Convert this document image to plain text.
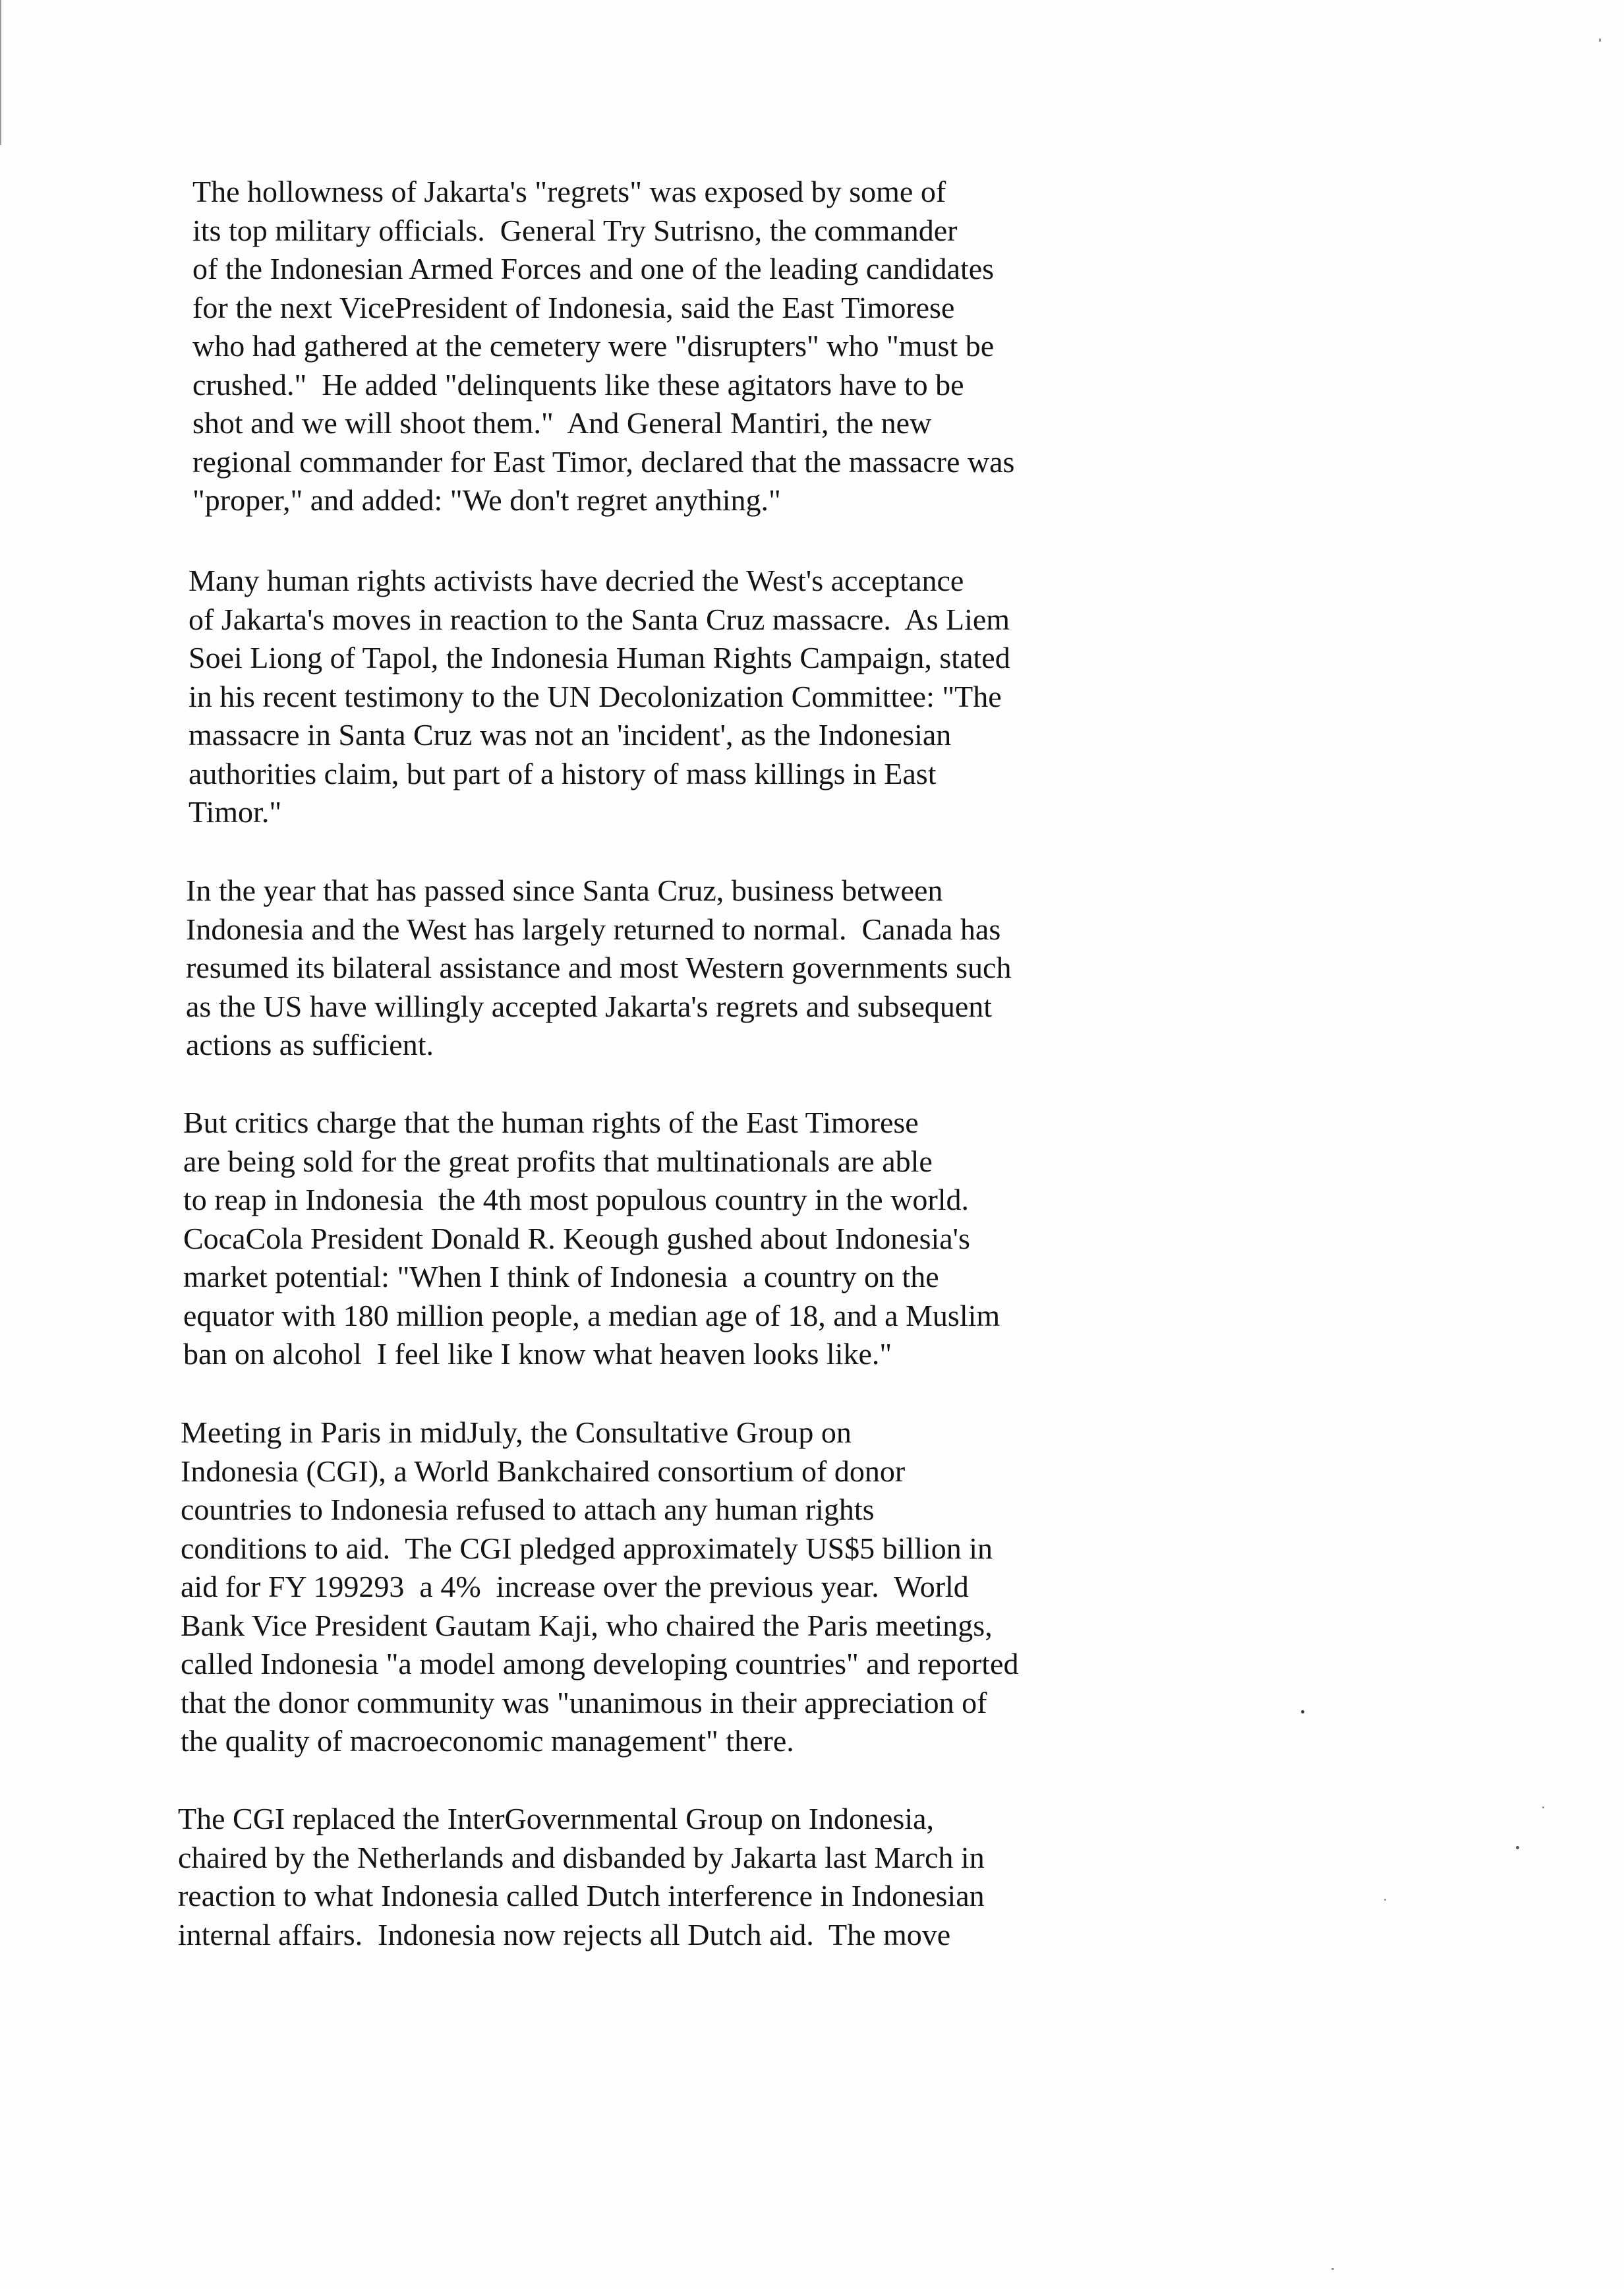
The hollowness of Jakarta's "regrets" was exposed by some of
its top military officials.  General Try Sutrisno, the commander
of the Indonesian Armed Forces and one of the leading candidates
for the next VicePresident of Indonesia, said the East Timorese
who had gathered at the cemetery were "disrupters" who "must be
crushed."  He added "delinquents like these agitators have to be
shot and we will shoot them."  And General Mantiri, the new
regional commander for East Timor, declared that the massacre was
"proper," and added: "We don't regret anything."
Many human rights activists have decried the West's acceptance
of Jakarta's moves in reaction to the Santa Cruz massacre.  As Liem
Soei Liong of Tapol, the Indonesia Human Rights Campaign, stated
in his recent testimony to the UN Decolonization Committee: "The
massacre in Santa Cruz was not an 'incident', as the Indonesian
authorities claim, but part of a history of mass killings in East
Timor."
In the year that has passed since Santa Cruz, business between
Indonesia and the West has largely returned to normal.  Canada has
resumed its bilateral assistance and most Western governments such
as the US have willingly accepted Jakarta's regrets and subsequent
actions as sufficient.
But critics charge that the human rights of the East Timorese
are being sold for the great profits that multinationals are able
to reap in Indonesia  the 4th most populous country in the world.
CocaCola President Donald R. Keough gushed about Indonesia's
market potential: "When I think of Indonesia  a country on the
equator with 180 million people, a median age of 18, and a Muslim
ban on alcohol  I feel like I know what heaven looks like."
Meeting in Paris in midJuly, the Consultative Group on
Indonesia (CGI), a World Bankchaired consortium of donor
countries to Indonesia refused to attach any human rights
conditions to aid.  The CGI pledged approximately US$5 billion in
aid for FY 199293  a 4%  increase over the previous year.  World
Bank Vice President Gautam Kaji, who chaired the Paris meetings,
called Indonesia "a model among developing countries" and reported
that the donor community was "unanimous in their appreciation of
the quality of macroeconomic management" there.
The CGI replaced the InterGovernmental Group on Indonesia,
chaired by the Netherlands and disbanded by Jakarta last March in
reaction to what Indonesia called Dutch interference in Indonesian
internal affairs.  Indonesia now rejects all Dutch aid.  The move
